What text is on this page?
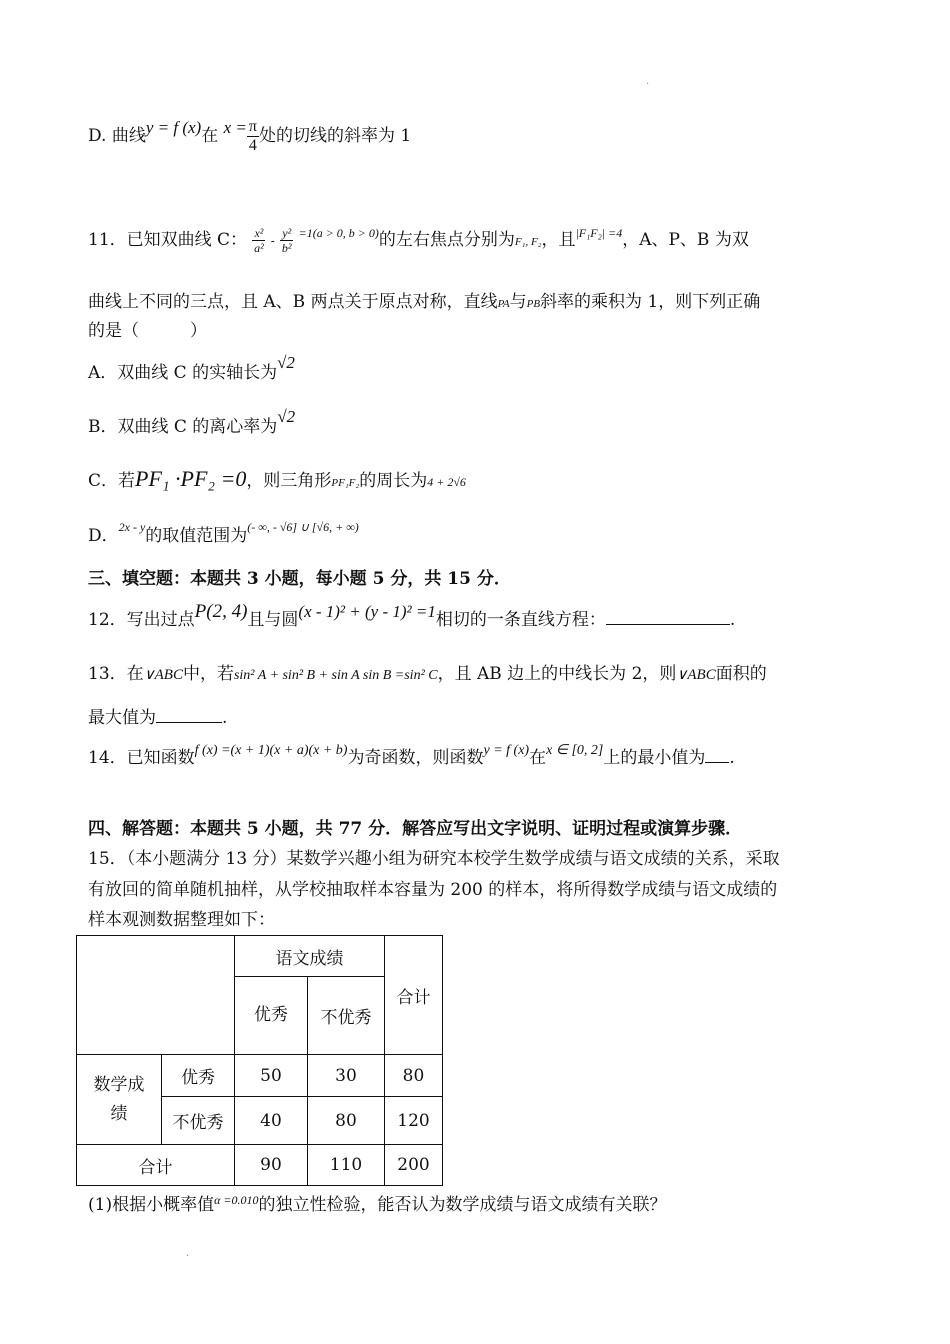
.
D. 曲线y = f (x)在 $x = \frac{\pi}{4}$ 处的切线的斜率为 1
11．已知双曲线 C： $\frac{\text{x²}}{\text{a²}} - \frac{\text{y²}}{\text{b²}} ^{=1(a > 0, b > 0)}$的左右焦点分别为F₁, F₂，且$^{|F_1F_2| =4}$，A、P、B 为双
曲线上不同的三点，且 A、B 两点关于原点对称，直线PA与PB斜率的乘积为 1，则下列正确
的是（　　　）
A．双曲线 C 的实轴长为√2
B．双曲线 C 的离心率为√2
C．若PF₁ ·PF₂ =0，则三角形PF₁F₂的周长为4 + 2√6
D．$^{2x - y}$的取值范围为$^{(- \infty, - √6] \cup [√6, + \infty)}$
三、填空题：本题共 3 小题，每小题 5 分，共 15 分．
12．写出过点P(2, 4)且与圆(x - 1)² + (y - 1)² =1相切的一条直线方程：	.
13．在∨ABC中，若sin² A + sin² B + sin A sin B =sin² C，且 AB 边上的中线长为 2，则∨ABC面积的
最大值为	.
14．已知函数$^{f (x) =(x + 1)(x + a)(x + b)}$为奇函数，则函数$^{y = f (x)}$在$^{x \in [0, 2]}$上的最小值为 .
四、解答题：本题共 5 小题，共 77 分．解答应写出文字说明、证明过程或演算步骤．
15．（本小题满分 13 分）某数学兴趣小组为研究本校学生数学成绩与语文成绩的关系，采取
有放回的简单随机抽样，从学校抽取样本容量为 200 的样本，将所得数学成绩与语文成绩的
样本观测数据整理如下：
		语文成绩		合计
		优秀	不优秀	
数学成绩	优秀	50	30	80
	不优秀	40	80	120
合计		90	110	200
(1)根据小概率值$^{\alpha =0.010}$的独立性检验，能否认为数学成绩与语文成绩有关联？
.
